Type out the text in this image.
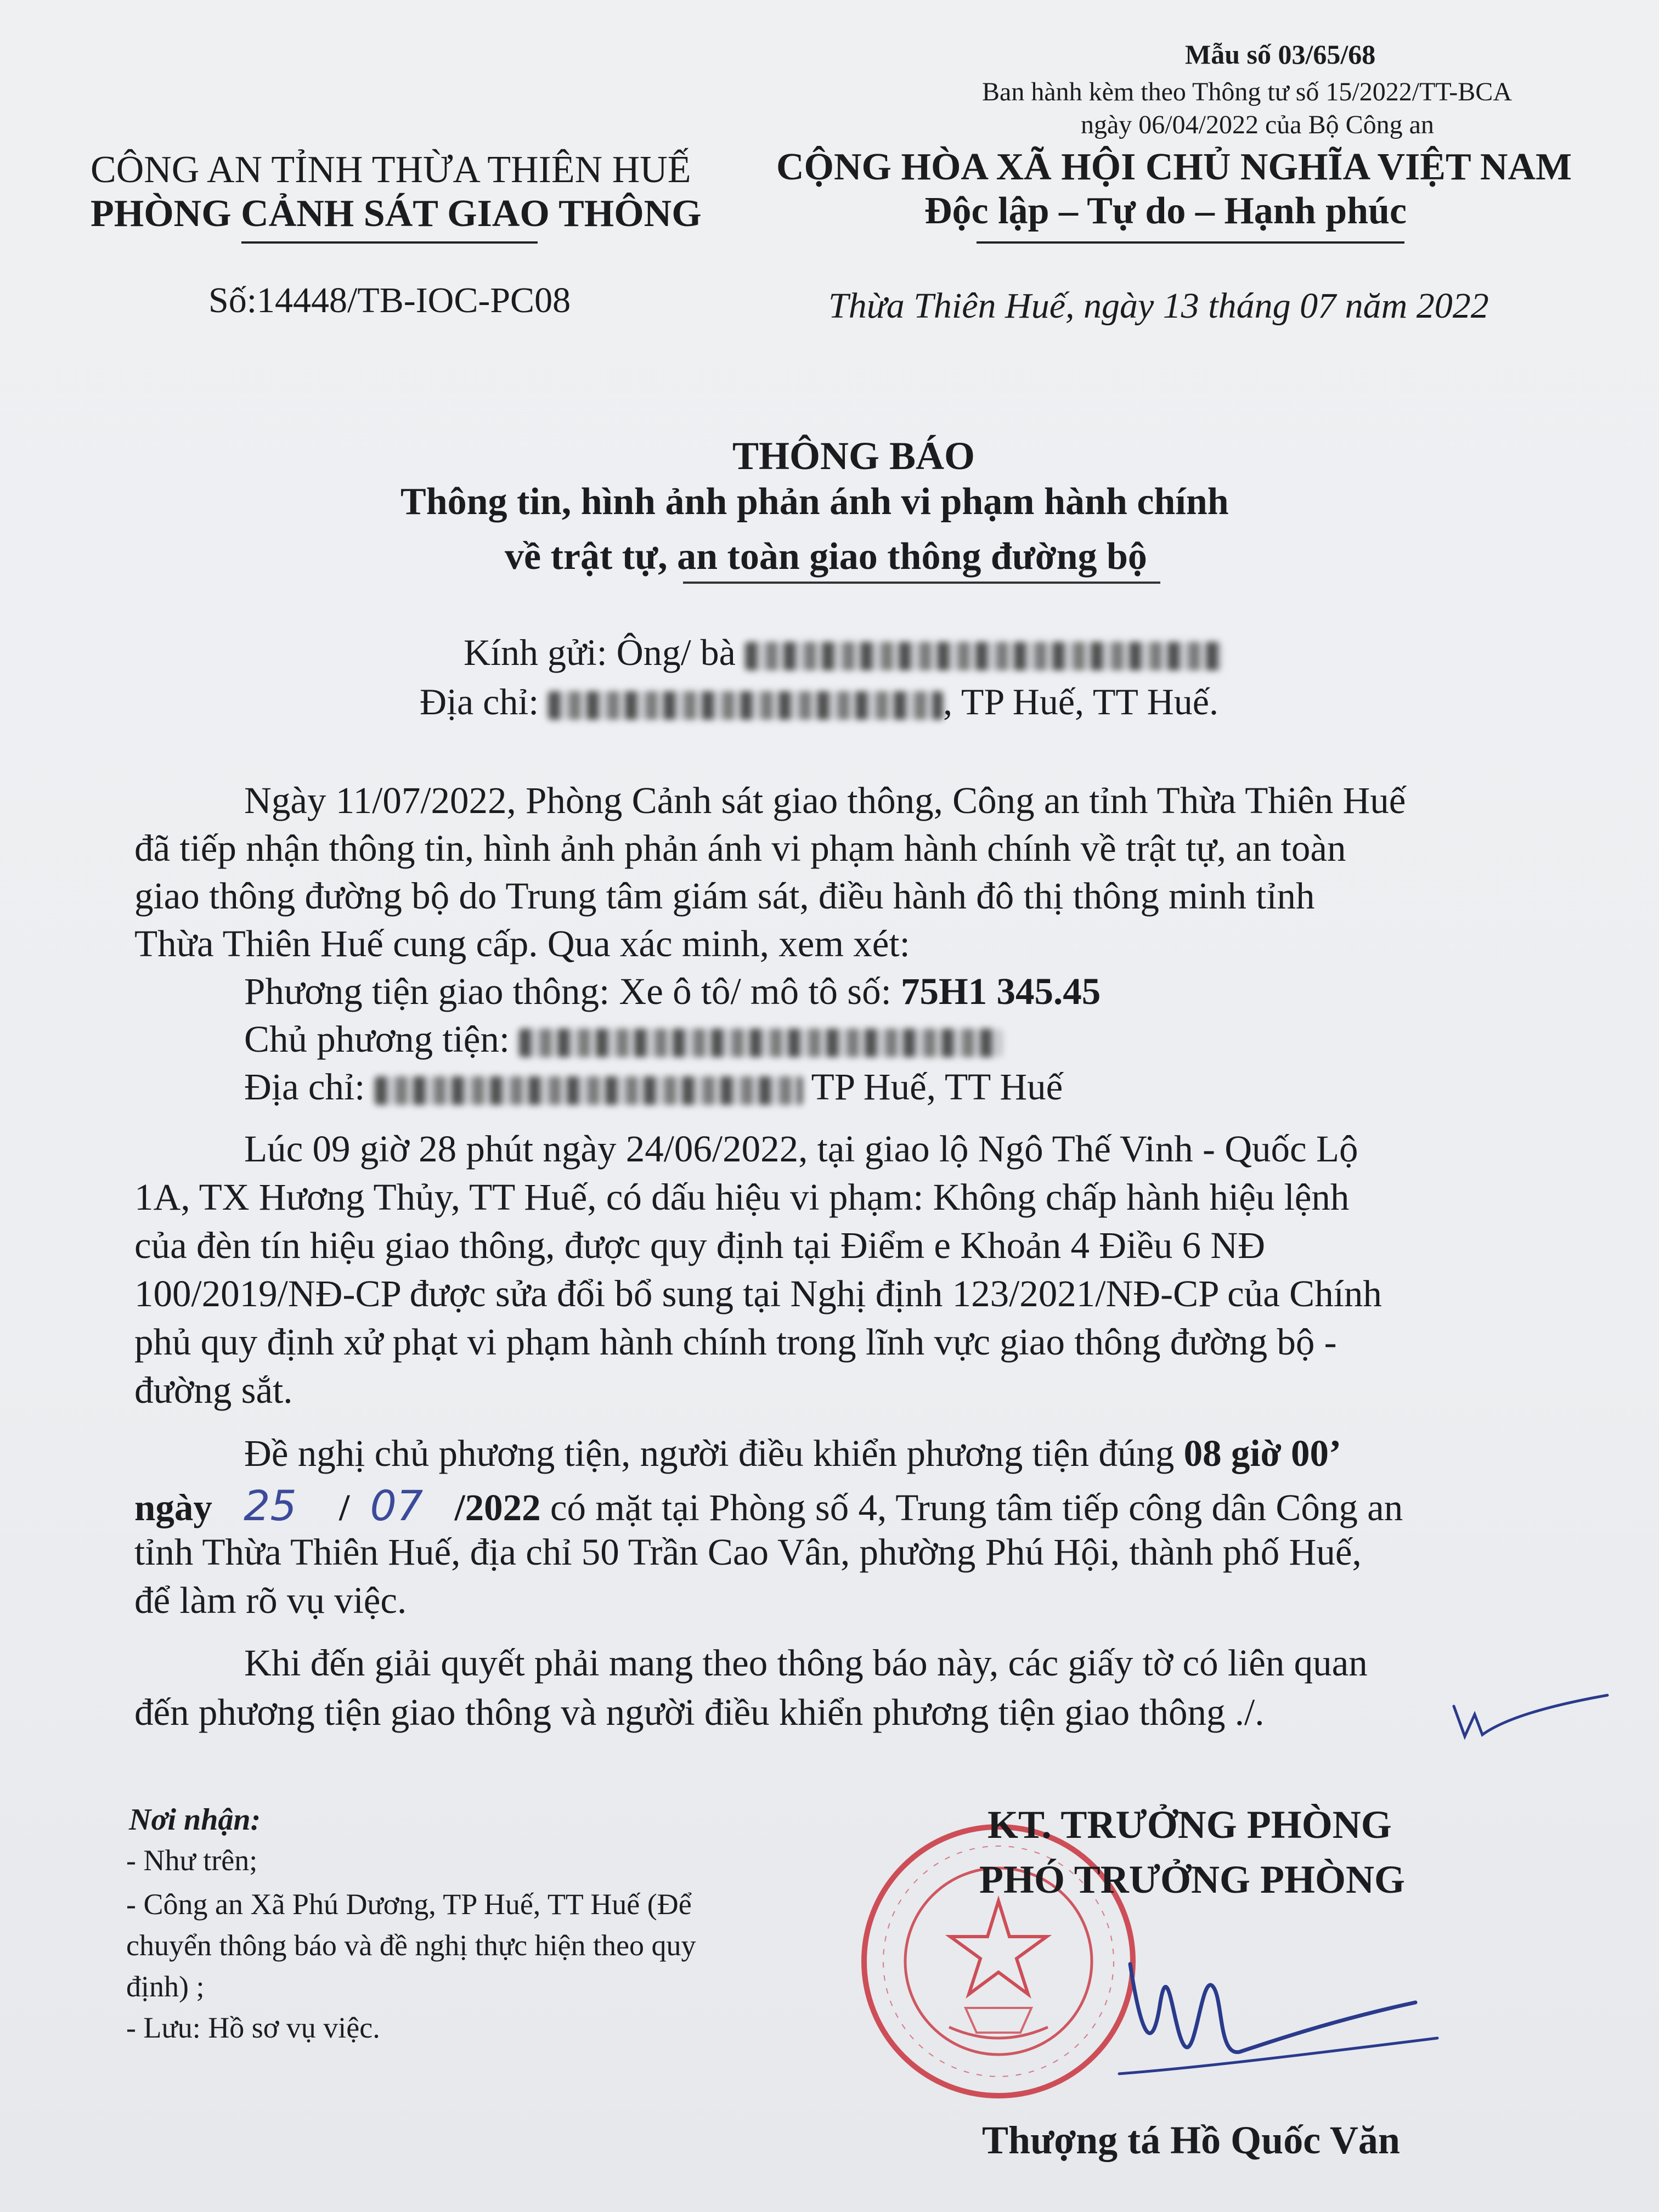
Mẫu số 03/65/68
Ban hành kèm theo Thông tư số 15/2022/TT-BCA
ngày 06/04/2022 của Bộ Công an
CÔNG AN TỈNH THỪA THIÊN HUẾ
PHÒNG CẢNH SÁT GIAO THÔNG
Số:14448/TB-IOC-PC08
CỘNG HÒA XÃ HỘI CHỦ NGHĨA VIỆT NAM
Độc lập – Tự do – Hạnh phúc
Thừa Thiên Huế, ngày 13 tháng 07 năm 2022
THÔNG BÁO
Thông tin, hình ảnh phản ánh vi phạm hành chính
về trật tự, an toàn giao thông đường bộ
Kính gửi: Ông/ bà
Địa chỉ:	, TP Huế, TT Huế.
Ngày 11/07/2022, Phòng Cảnh sát giao thông, Công an tỉnh Thừa Thiên Huế
đã tiếp nhận thông tin, hình ảnh phản ánh vi phạm hành chính về trật tự, an toàn
giao thông đường bộ do Trung tâm giám sát, điều hành đô thị thông minh tỉnh
Thừa Thiên Huế cung cấp. Qua xác minh, xem xét:
Phương tiện giao thông: Xe ô tô/ mô tô số: 75H1 345.45
Chủ phương tiện:
Địa chỉ:	TP Huế, TT Huế
Lúc 09 giờ 28 phút ngày 24/06/2022, tại giao lộ Ngô Thế Vinh - Quốc Lộ
1A, TX Hương Thủy, TT Huế, có dấu hiệu vi phạm: Không chấp hành hiệu lệnh
của đèn tín hiệu giao thông, được quy định tại Điểm e Khoản 4 Điều 6 NĐ
100/2019/NĐ-CP được sửa đổi bổ sung tại Nghị định 123/2021/NĐ-CP của Chính
phủ quy định xử phạt vi phạm hành chính trong lĩnh vực giao thông đường bộ -
đường sắt.
Đề nghị chủ phương tiện, người điều khiển phương tiện đúng 08 giờ 00’
ngày 25 / 07 /2022 có mặt tại Phòng số 4, Trung tâm tiếp công dân Công an
tỉnh Thừa Thiên Huế, địa chỉ 50 Trần Cao Vân, phường Phú Hội, thành phố Huế,
để làm rõ vụ việc.
Khi đến giải quyết phải mang theo thông báo này, các giấy tờ có liên quan
đến phương tiện giao thông và người điều khiển phương tiện giao thông ./.
Nơi nhận:
- Như trên;
- Công an Xã Phú Dương, TP Huế, TT Huế (Để
chuyển thông báo và đề nghị thực hiện theo quy
định) ;
- Lưu: Hồ sơ vụ việc.
KT. TRƯỞNG PHÒNG
PHÓ TRƯỞNG PHÒNG
Thượng tá Hồ Quốc Văn
